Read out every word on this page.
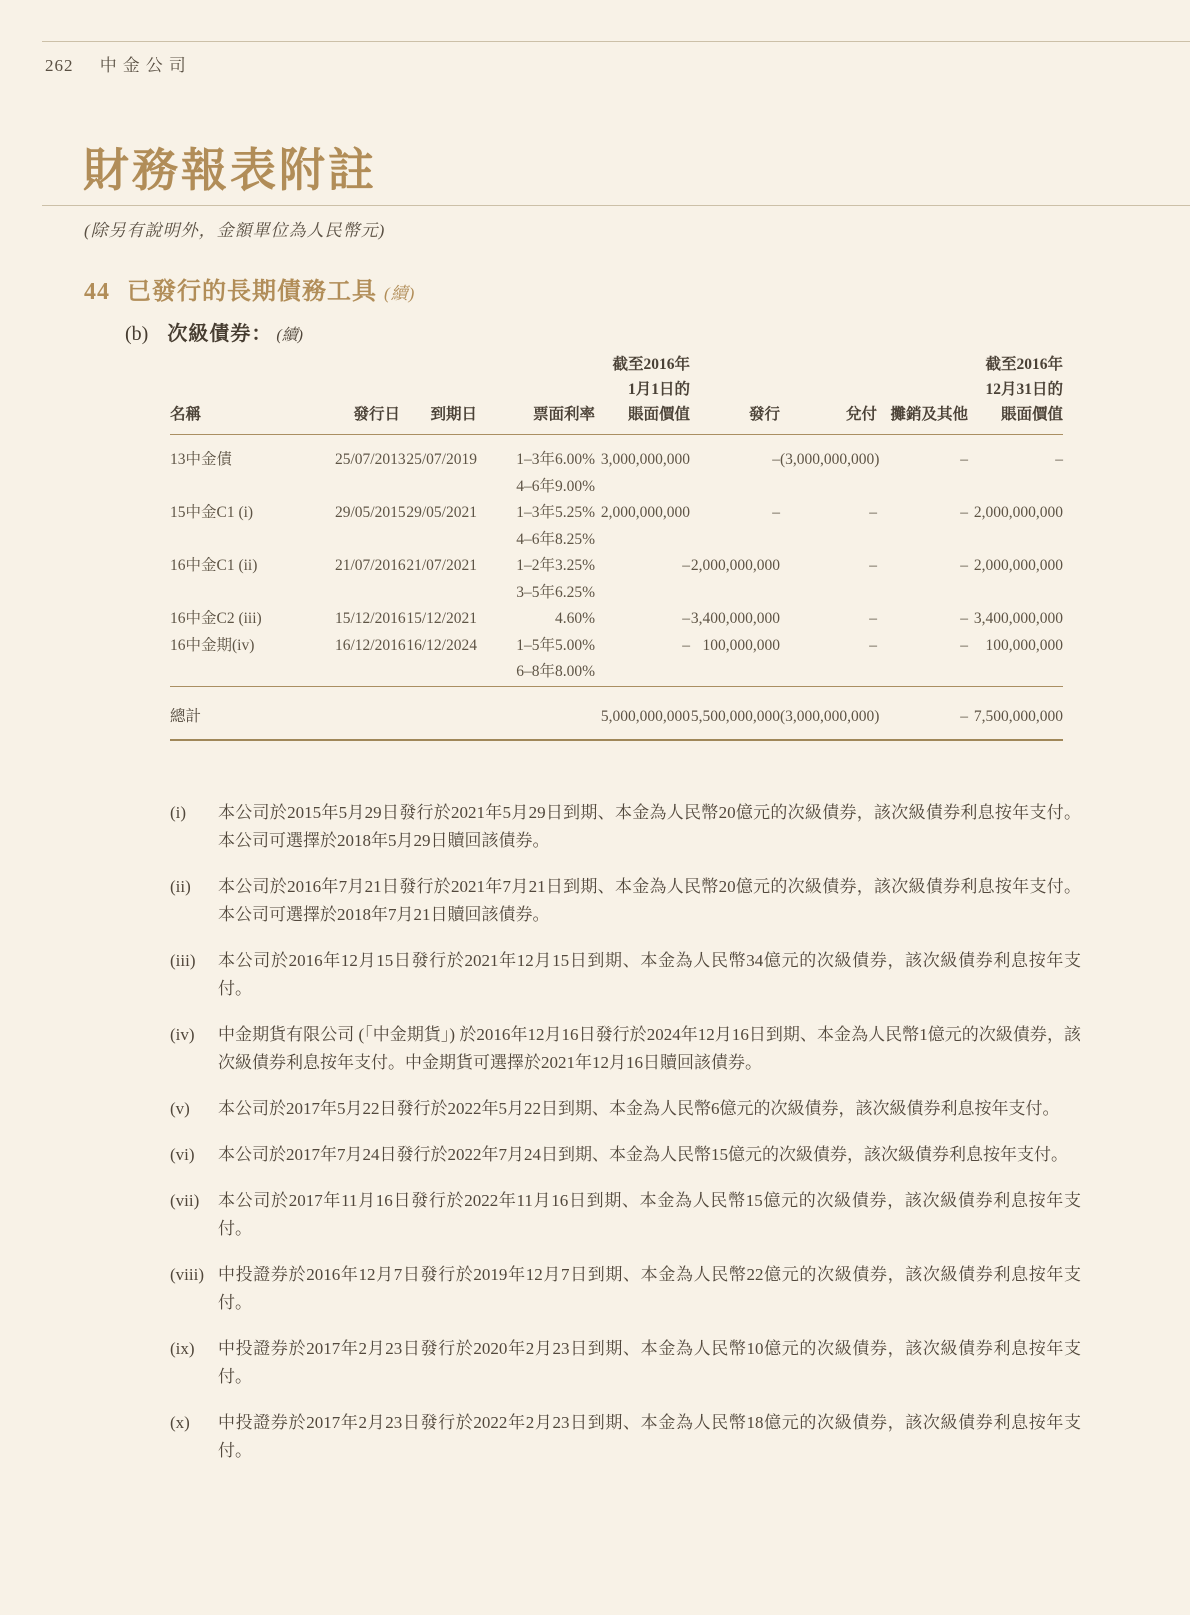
262 中金公司
財務報表附註
(除另有說明外，金額單位為人民幣元)
44 已發行的長期債務工具 (續)
(b) 次級債券： (續)
名稱	發行日	到期日	票面利率	
截至2016年
1月1日的
賬面價值	發行	兌付	攤銷及其他	
截至2016年
12月31日的
賬面價值

13中金債	25/07/2013	25/07/2019	1–3年6.00%
4–6年9.00%	3,000,000,000	–	(3,000,000,000)	–	–
15中金C1 (i)	29/05/2015	29/05/2021	1–3年5.25%
4–6年8.25%	2,000,000,000	–	–	–	2,000,000,000
16中金C1 (ii)	21/07/2016	21/07/2021	1–2年3.25%
3–5年6.25%	–	2,000,000,000	–	–	2,000,000,000
16中金C2 (iii)	15/12/2016	15/12/2021	4.60%	–	3,400,000,000	–	–	3,400,000,000
16中金期(iv)	16/12/2016	16/12/2024	1–5年5.00%
6–8年8.00%	–	100,000,000	–	–	100,000,000
總計				5,000,000,000	5,500,000,000	(3,000,000,000)	–	7,500,000,000
(i)	本公司於2015年5月29日發行於2021年5月29日到期、本金為人民幣20億元的次級債券，該次級債券利息按年支付。本公司可選擇於2018年5月29日贖回該債券。
(ii)	本公司於2016年7月21日發行於2021年7月21日到期、本金為人民幣20億元的次級債券，該次級債券利息按年支付。本公司可選擇於2018年7月21日贖回該債券。
(iii)	本公司於2016年12月15日發行於2021年12月15日到期、本金為人民幣34億元的次級債券，該次級債券利息按年支付。
(iv)	中金期貨有限公司 (「中金期貨」) 於2016年12月16日發行於2024年12月16日到期、本金為人民幣1億元的次級債券，該次級債券利息按年支付。中金期貨可選擇於2021年12月16日贖回該債券。
(v)	本公司於2017年5月22日發行於2022年5月22日到期、本金為人民幣6億元的次級債券，該次級債券利息按年支付。
(vi)	本公司於2017年7月24日發行於2022年7月24日到期、本金為人民幣15億元的次級債券，該次級債券利息按年支付。
(vii)	本公司於2017年11月16日發行於2022年11月16日到期、本金為人民幣15億元的次級債券，該次級債券利息按年支付。
(viii) 中投證券於2016年12月7日發行於2019年12月7日到期、本金為人民幣22億元的次級債券，該次級債券利息按年支付。
(ix)	中投證券於2017年2月23日發行於2020年2月23日到期、本金為人民幣10億元的次級債券，該次級債券利息按年支付。
(x)	中投證券於2017年2月23日發行於2022年2月23日到期、本金為人民幣18億元的次級債券，該次級債券利息按年支付。
